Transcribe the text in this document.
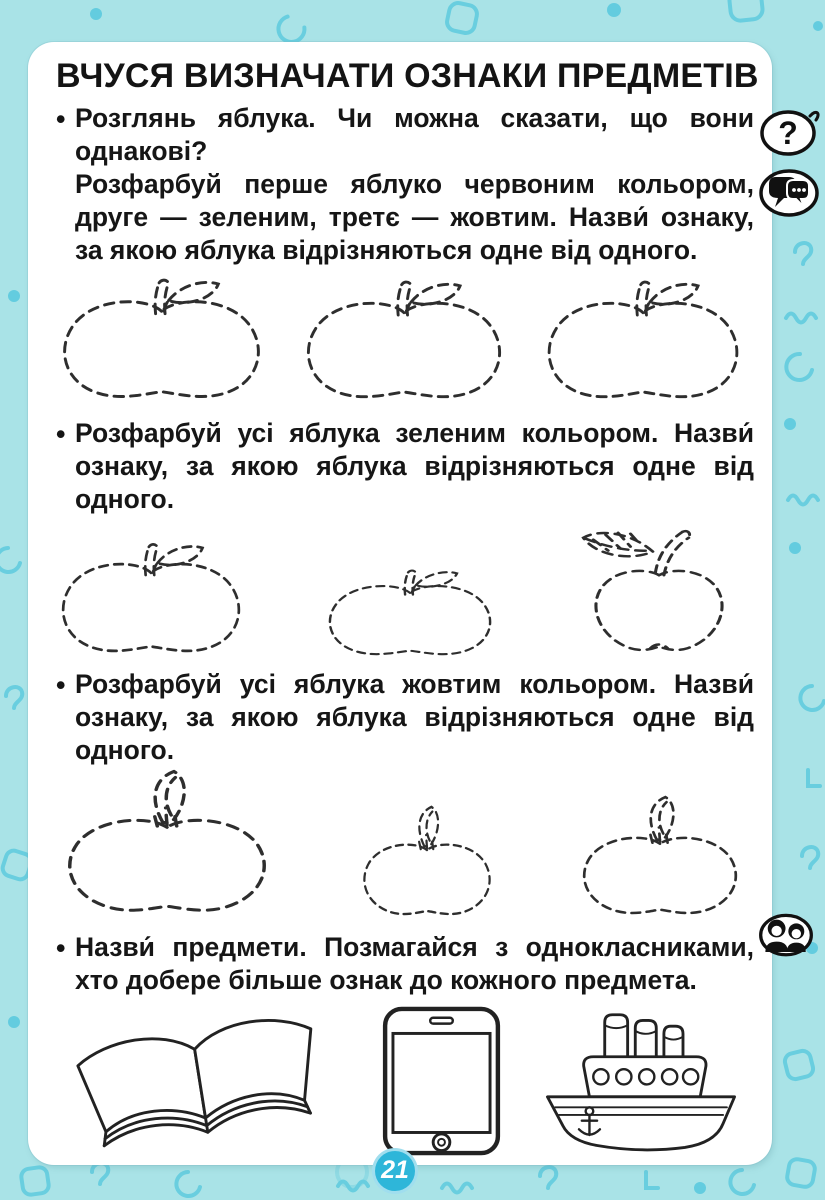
ВЧУСЯ ВИЗНАЧАТИ ОЗНАКИ ПРЕДМЕТІВ
• Розглянь яблука. Чи можна сказати, що вони однакові?

Розфарбуй перше яблуко червоним кольором, друге — зеленим, третє — жовтим. Назви́ ознаку, за якою яблука відрізняються одне від одного.

• Розфарбуй усі яблука зеленим кольором. Назви́ ознаку, за якою яблука відрізняються одне від одного.

• Розфарбуй усі яблука жовтим кольором. Назви́ ознаку, за якою яблука відрізняються одне від одного.

• Назви́ предмети. Позмагайся з однокласниками, хто добере більше ознак до кожного предмета.

?
21
